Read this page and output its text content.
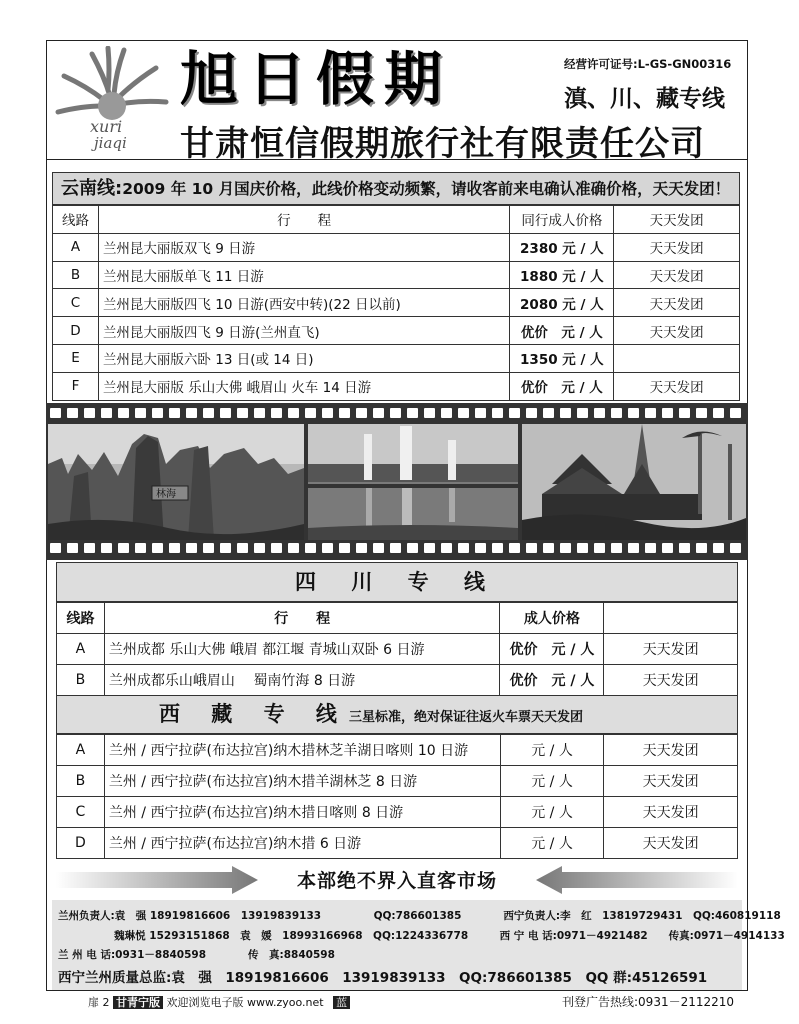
xuri
jiaqi
旭日假期	经营许可证号:L-GS-GN00316
滇、川、藏专线
甘肃恒信假期旅行社有限责任公司
云南线:2009 年 10 月国庆价格，此线价格变动频繁，请收客前来电确认准确价格，天天发团！
线路	行　　程	同行成人价格	天天发团
A	兰州昆大丽版双飞 9 日游	2380 元 / 人	天天发团
B	兰州昆大丽版单飞 11 日游	1880 元 / 人	天天发团
C	兰州昆大丽版四飞 10 日游(西安中转)(22 日以前)	2080 元 / 人	天天发团
D	兰州昆大丽版四飞 9 日游(兰州直飞)	优价　元 / 人	天天发团
E	兰州昆大丽版六卧 13 日(或 14 日)	1350 元 / 人	
F	兰州昆大丽版 乐山大佛 峨眉山 火车 14 日游	优价　元 / 人	天天发团
林海
四 川 专 线
线路	行　　程	成人价格	
A	兰州成都 乐山大佛 峨眉 都江堰 青城山双卧 6 日游	优价　元 / 人	天天发团
B	兰州成都乐山峨眉山　 蜀南竹海 8 日游	优价　元 / 人	天天发团
西 藏 专 线三星标准，绝对保证往返火车票天天发团
A	兰州 / 西宁拉萨(布达拉宫)纳木措林芝羊湖日喀则 10 日游	元 / 人	天天发团
B	兰州 / 西宁拉萨(布达拉宫)纳木措羊湖林芝 8 日游	元 / 人	天天发团
C	兰州 / 西宁拉萨(布达拉宫)纳木措日喀则 8 日游	元 / 人	天天发团
D	兰州 / 西宁拉萨(布达拉宫)纳木措 6 日游	元 / 人	天天发团
本部绝不界入直客市场
兰州负责人:袁　强 18919816606　13919839133　　　　　QQ:786601385　　　　西宁负责人:李　红　13819729431　QQ:460819118
　　　　　 魏琳悦 15293151868　袁　媛　18993166968　QQ:1224336778　　　西 宁 电 话:0971－4921482　　传真:0971－4914133
兰 州 电 话:0931－8840598　　　　传　真:8840598
西宁兰州质量总监:袁　强　18919816606　13919839133　QQ:786601385　QQ 群:45126591
扉 2 甘青宁版 欢迎浏览电子版 www.zyoo.net 蓝	刊登广告热线:0931－2112210
